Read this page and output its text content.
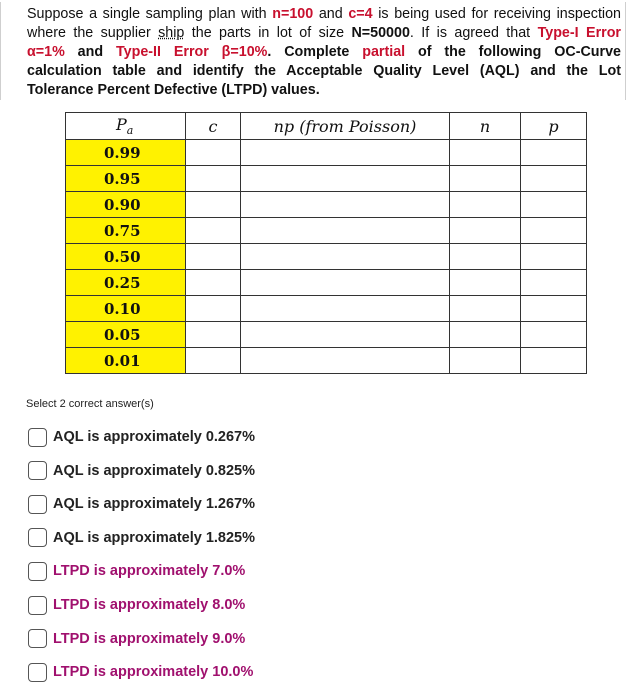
Suppose a single sampling plan with n=100 and c=4 is being used for receiving inspection
where the supplier ship the parts in lot of size N=50000. If is agreed that Type-I Error
α=1% and Type-II Error β=10%. Complete partial of the following OC-Curve
calculation table and identify the Acceptable Quality Level (AQL) and the Lot
Tolerance Percent Defective (LTPD) values.
$P_a$	c	np (from Poisson)	n	p
0.99				
0.95				
0.90				
0.75				
0.50				
0.25				
0.10				
0.05				
0.01				
Select 2 correct answer(s)
AQL is approximately 0.267%
AQL is approximately 0.825%
AQL is approximately 1.267%
AQL is approximately 1.825%
LTPD is approximately 7.0%
LTPD is approximately 8.0%
LTPD is approximately 9.0%
LTPD is approximately 10.0%
